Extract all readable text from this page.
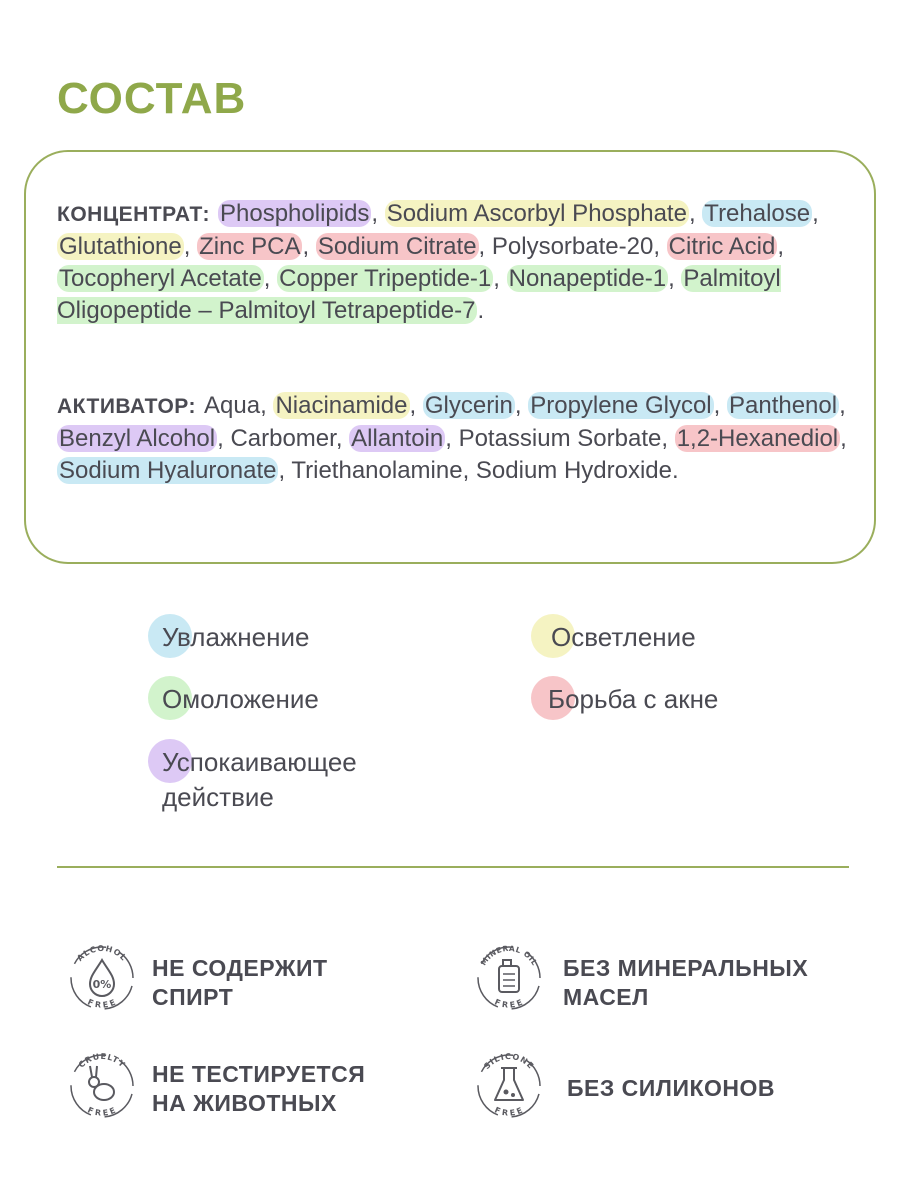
СОСТАВ

КОНЦЕНТРАТ: Phospholipids, Sodium Ascorbyl Phosphate, Trehalose, Glutathione, Zinc PCA, Sodium Citrate, Polysorbate-20, Citric Acid, Tocopheryl Acetate, Copper Tripeptide-1, Nonapeptide-1, Palmitoyl Oligopeptide – Palmitoyl Tetrapeptide-7.

АКТИВАТОР: Aqua, Niacinamide, Glycerin, Propylene Glycol, Panthenol, Benzyl Alcohol, Carbomer, Allantoin, Potassium Sorbate, 1,2-Hexanediol, Sodium Hyaluronate, Triethanolamine, Sodium Hydroxide.

Увлажнение	Осветление
Омоложение	Борьба с акне
Успокаивающее
действие
ALCOHOL
FREE
0%
НЕ СОДЕРЖИТ
СПИРТ
MINERAL OIL
FREE
БЕЗ МИНЕРАЛЬНЫХ
МАСЕЛ
CRUELTY
FREE
НЕ ТЕСТИРУЕТСЯ
НА ЖИВОТНЫХ
SILICONE
FREE
БЕЗ СИЛИКОНОВ
